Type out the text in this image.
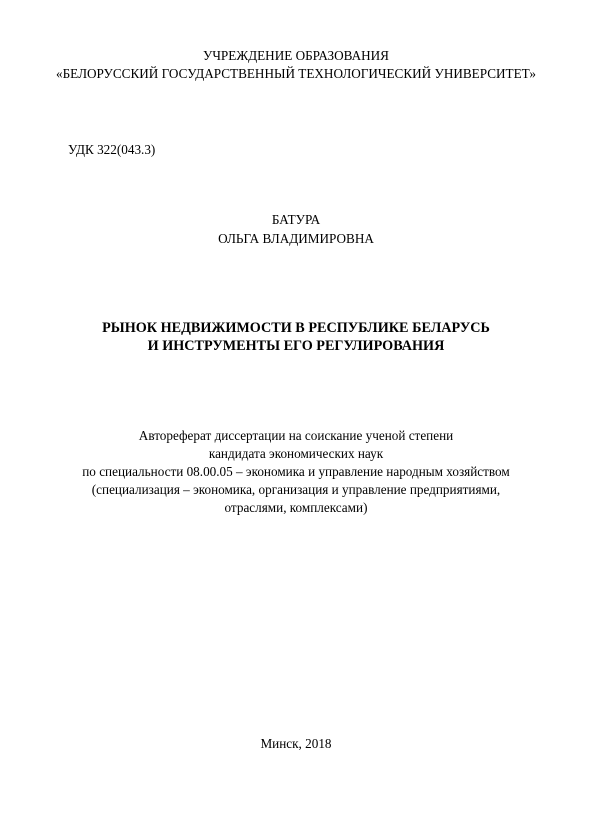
УЧРЕЖДЕНИЕ ОБРАЗОВАНИЯ
«БЕЛОРУССКИЙ ГОСУДАРСТВЕННЫЙ ТЕХНОЛОГИЧЕСКИЙ УНИВЕРСИТЕТ»
УДК 322(043.3)
БАТУРА
ОЛЬГА ВЛАДИМИРОВНА
РЫНОК НЕДВИЖИМОСТИ В РЕСПУБЛИКЕ БЕЛАРУСЬ
И ИНСТРУМЕНТЫ ЕГО РЕГУЛИРОВАНИЯ
Автореферат диссертации на соискание ученой степени
кандидата экономических наук
по специальности 08.00.05 – экономика и управление народным хозяйством
(специализация – экономика, организация и управление предприятиями,
отраслями, комплексами)
Минск, 2018
